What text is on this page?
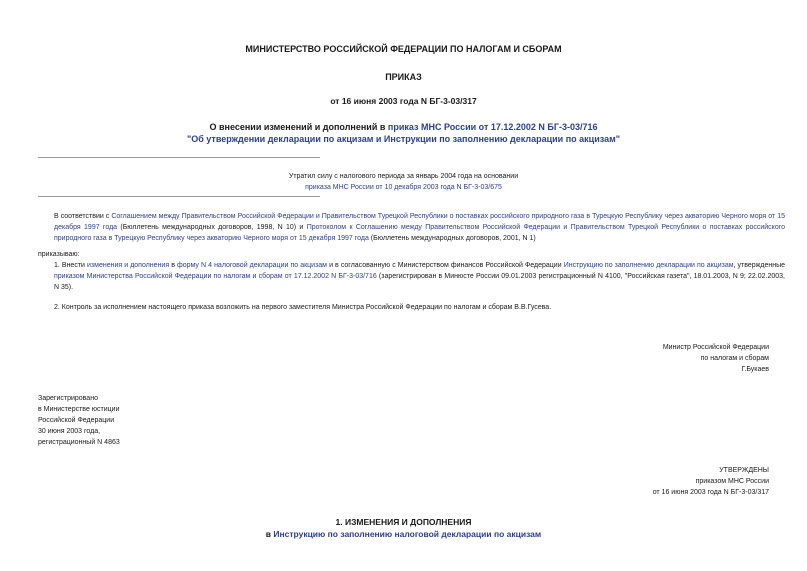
МИНИСТЕРСТВО РОССИЙСКОЙ ФЕДЕРАЦИИ ПО НАЛОГАМ И СБОРАМ
ПРИКАЗ
от 16 июня 2003 года N БГ-3-03/317
О внесении изменений и дополнений в приказ МНС России от 17.12.2002 N БГ-3-03/716
"Об утверждении декларации по акцизам и Инструкции по заполнению декларации по акцизам"
Утратил силу с налогового периода за январь 2004 года на основании
приказа МНС России от 10 декабря 2003 года N БГ-3-03/675
В соответствии с Соглашением между Правительством Российской Федерации и Правительством Турецкой Республики о поставках российского природного газа в Турецкую Республику через акваторию Черного моря от 15 декабря 1997 года (Бюллетень международных договоров, 1998, N 10) и Протоколом к Соглашению между Правительством Российской Федерации и Правительством Турецкой Республики о поставках российского природного газа в Турецкую Республику через акваторию Черного моря от 15 декабря 1997 года (Бюллетень международных договоров, 2001, N 1)
приказываю:
1. Внести изменения и дополнения в форму N 4 налоговой декларации по акцизам и в согласованную с Министерством финансов Российской Федерации Инструкцию по заполнению декларации по акцизам, утвержденные приказом Министерства Российской Федерации по налогам и сборам от 17.12.2002 N БГ-3-03/716 (зарегистрирован в Минюсте России 09.01.2003 регистрационный N 4100, "Российская газета", 18.01.2003, N 9; 22.02.2003, N 35).
2. Контроль за исполнением настоящего приказа возложить на первого заместителя Министра Российской Федерации по налогам и сборам В.В.Гусева.
Министр Российской Федерации
по налогам и сборам
Г.Букаев
Зарегистрировано
в Министерстве юстиции
Российской Федерации
30 июня 2003 года,
регистрационный N 4863
УТВЕРЖДЕНЫ
приказом МНС России
от 16 июня 2003 года N БГ-3-03/317
1. ИЗМЕНЕНИЯ И ДОПОЛНЕНИЯ
в Инструкцию по заполнению налоговой декларации по акцизам
